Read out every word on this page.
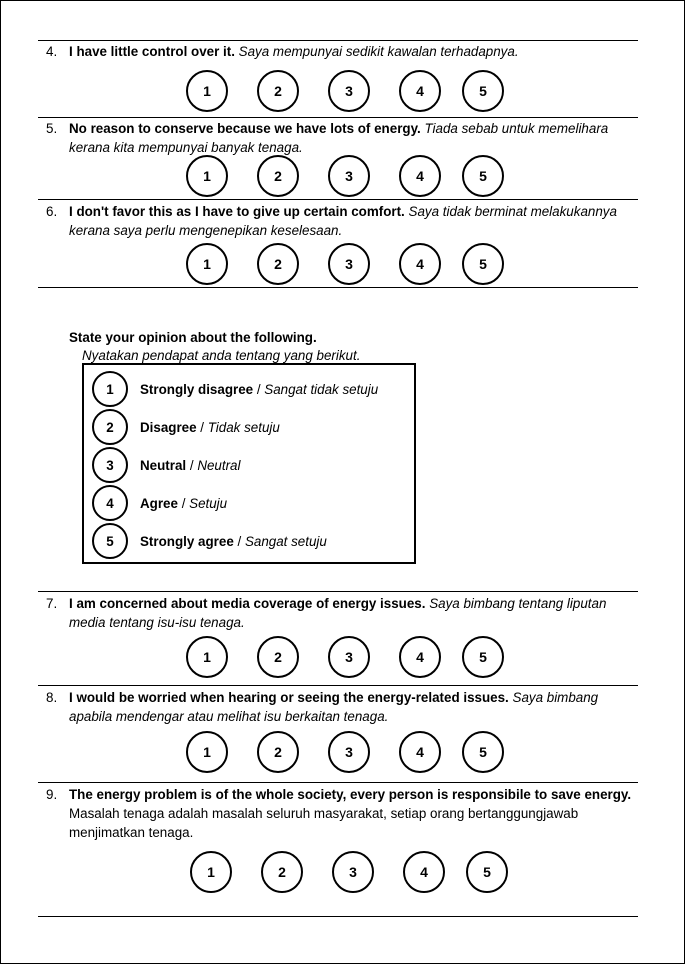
4. I have little control over it. Saya mempunyai sedikit kawalan terhadapnya.
1	2	3	4	5
5. No reason to conserve because we have lots of energy. Tiada sebab untuk memelihara kerana kita mempunyai banyak tenaga.
1	2	3	4	5
6. I don't favor this as I have to give up certain comfort. Saya tidak berminat melakukannya kerana saya perlu mengenepikan keselesaan.
1	2	3	4	5
State your opinion about the following.
Nyatakan pendapat anda tentang yang berikut.
1	Strongly disagree / Sangat tidak setuju
2	Disagree / Tidak setuju
3	Neutral / Neutral
4	Agree / Setuju
5	Strongly agree / Sangat setuju
7. I am concerned about media coverage of energy issues. Saya bimbang tentang liputan media tentang isu-isu tenaga.
1	2	3	4	5
8. I would be worried when hearing or seeing the energy-related issues. Saya bimbang apabila mendengar atau melihat isu berkaitan tenaga.
1	2	3	4	5
9. The energy problem is of the whole society, every person is responsibile to save energy. Masalah tenaga adalah masalah seluruh masyarakat, setiap orang bertanggungjawab menjimatkan tenaga.
1	2	3	4	5
